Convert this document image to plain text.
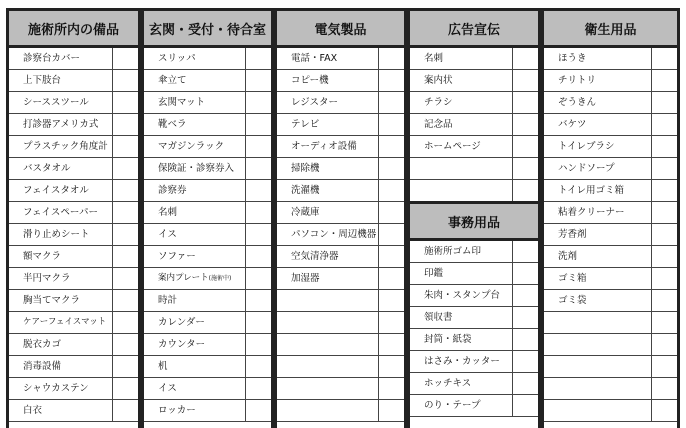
施術所内の備品
診察台カバー
上下肢台
シーススツール
打診器アメリカ式
プラスチック角度計
バスタオル
フェイスタオル
フェイスペーパー
滑り止めシート
額マクラ
半円マクラ
胸当てマクラ
ケアーフェイスマット
脱衣カゴ
消毒設備
シャウカステン
白衣
玄関・受付・待合室
スリッパ
傘立て
玄関マット
靴ベラ
マガジンラック
保険証・診察券入
診察券
名刺
イス
ソファー
案内プレート(施術中)
時計
カレンダー
カウンター
机
イス
ロッカー
電気製品
電話・FAX
コピー機
レジスター
テレビ
オーディオ設備
掃除機
洗濯機
冷蔵庫
パソコン・周辺機器
空気清浄器
加湿器
広告宣伝
名刺
案内状
チラシ
記念品
ホームページ
事務用品
施術所ゴム印
印鑑
朱肉・スタンプ台
領収書
封筒・紙袋
はさみ・カッター
ホッチキス
のり・テープ
衛生用品
ほうき
チリトリ
ぞうきん
バケツ
トイレブラシ
ハンドソープ
トイレ用ゴミ箱
粘着クリーナー
芳香剤
洗剤
ゴミ箱
ゴミ袋
